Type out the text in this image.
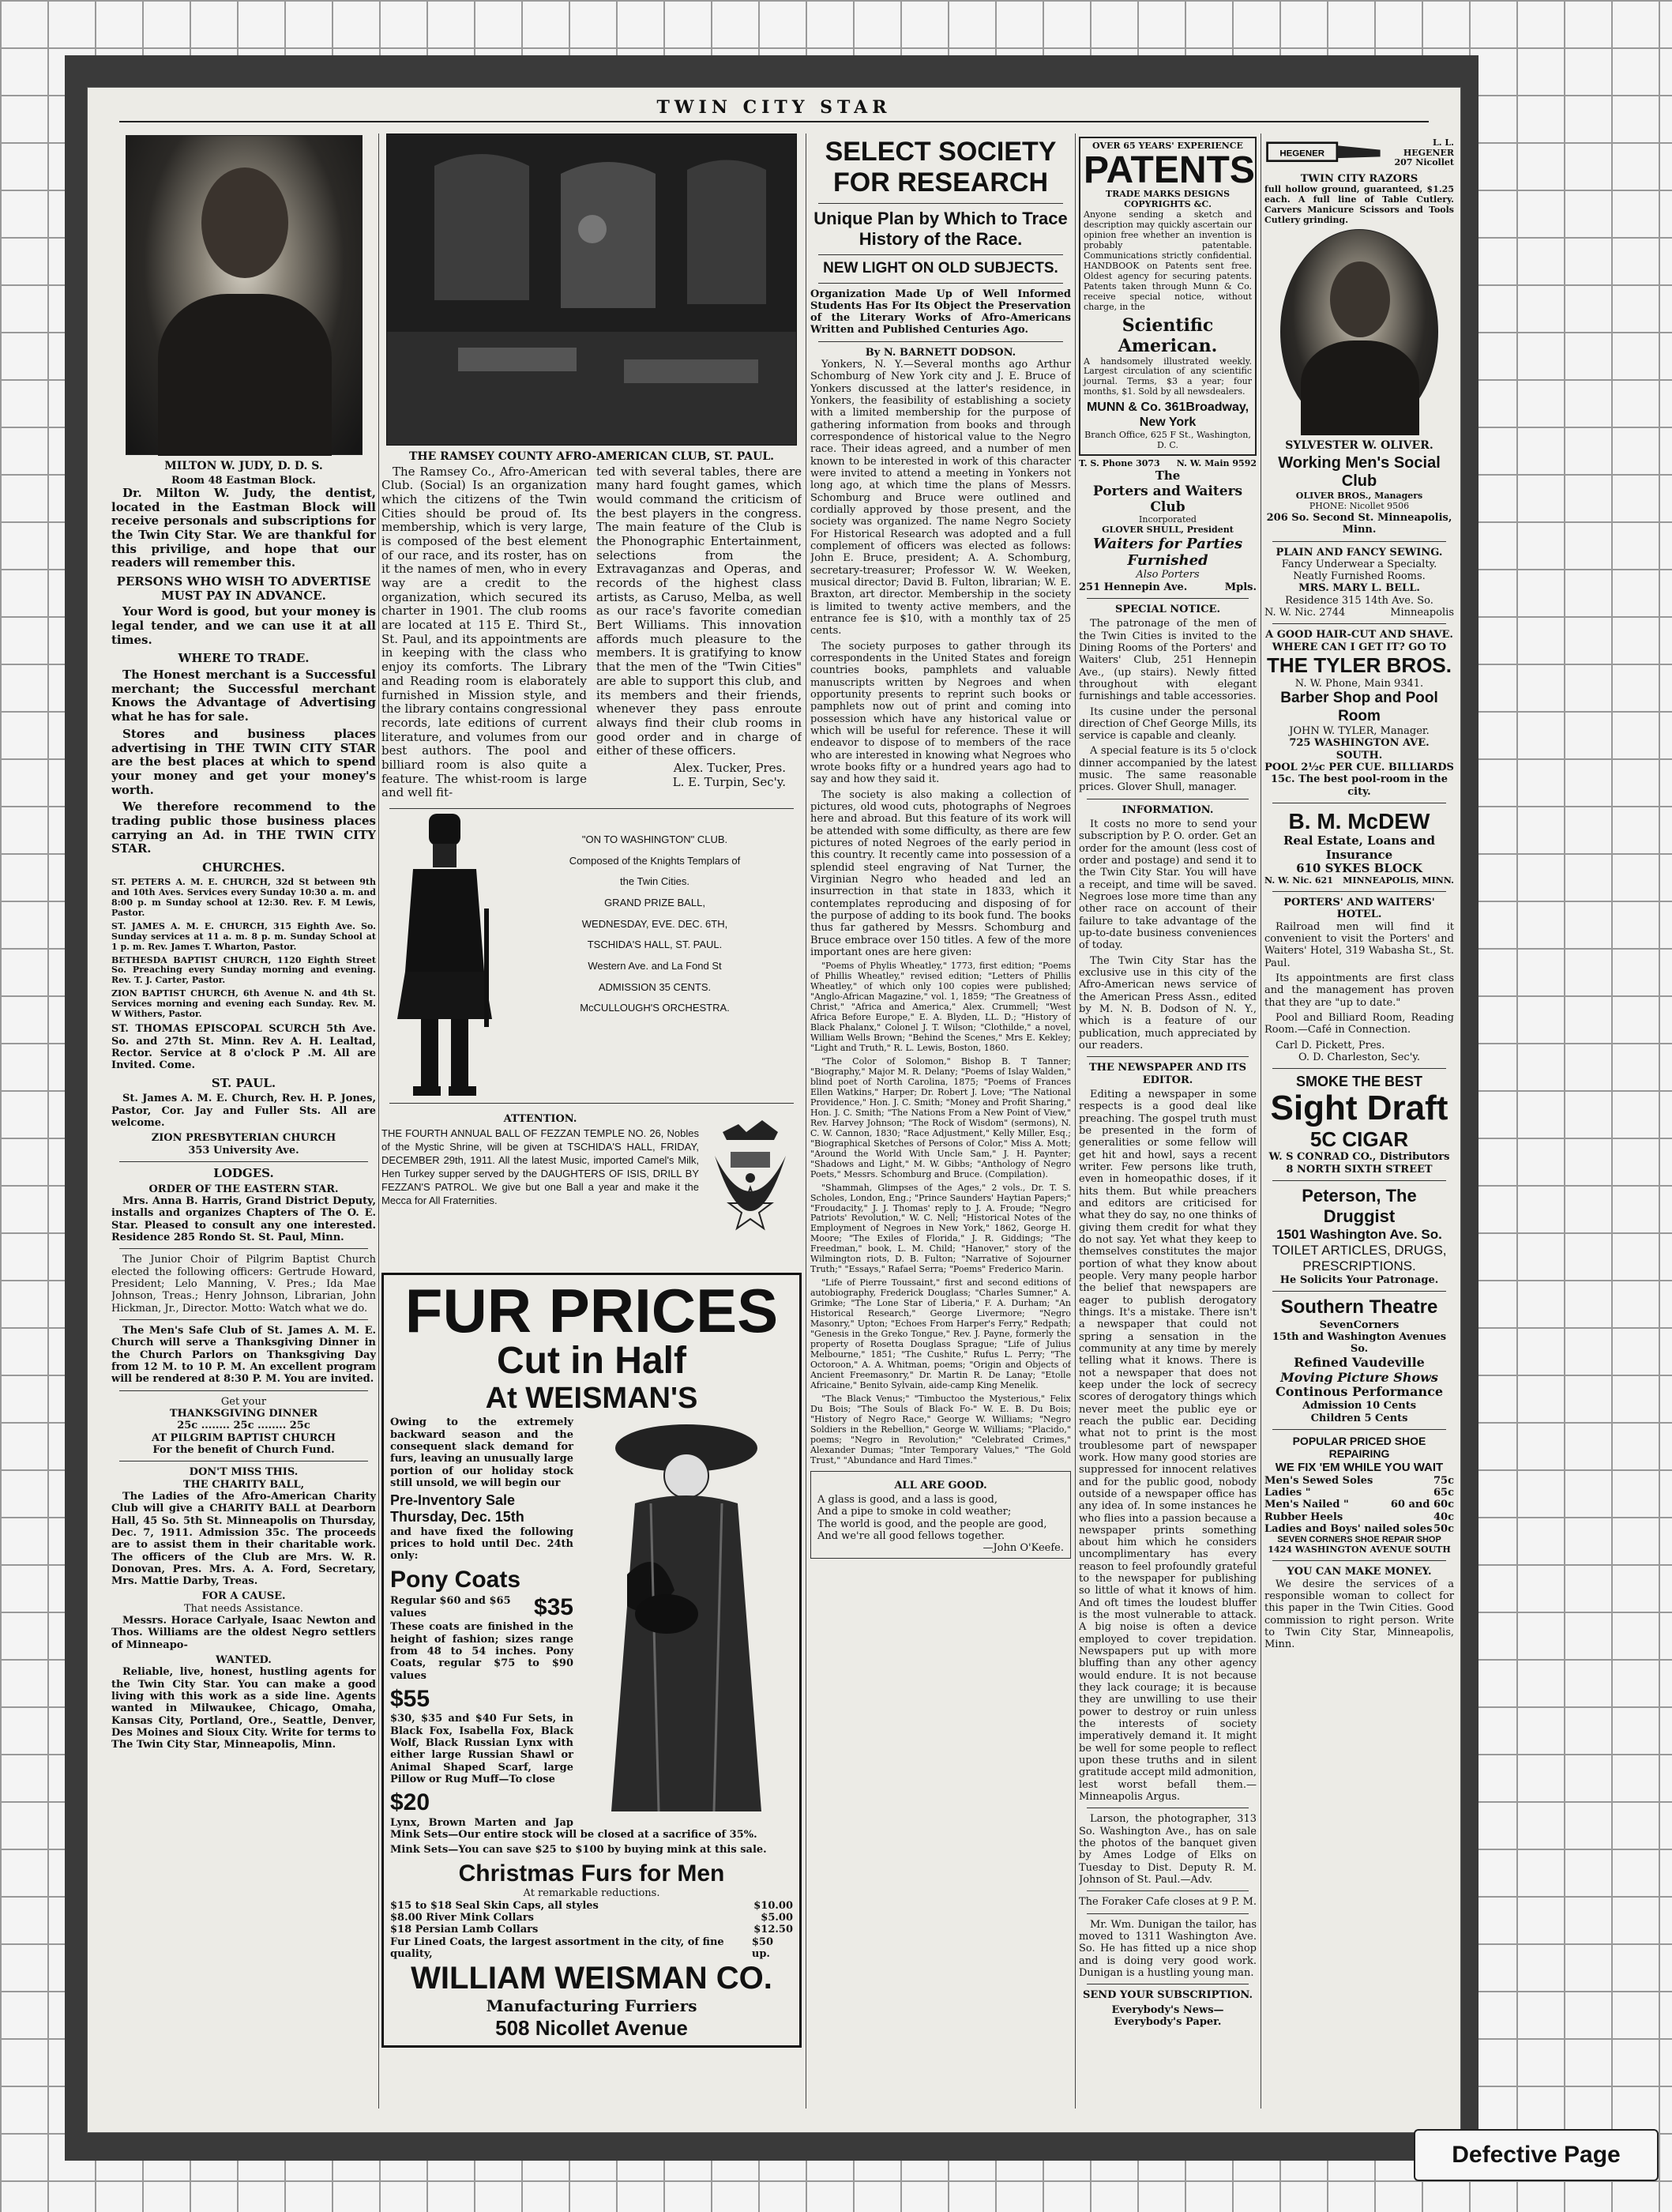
TWIN CITY STAR
MILTON W. JUDY, D. D. S.
Room 48 Eastman Block.

Dr. Milton W. Judy, the dentist, located in the Eastman Block will receive personals and subscriptions for the Twin City Star. We are thankful for this privilige, and hope that our readers will remember this.

PERSONS WHO WISH TO ADVERTISE MUST PAY IN ADVANCE.

Your Word is good, but your money is legal tender, and we can use it at all times.

WHERE TO TRADE.

The Honest merchant is a Successful merchant; the Successful merchant Knows the Advantage of Advertising what he has for sale.

Stores and business places advertising in THE TWIN CITY STAR are the best places at which to spend your money and get your money's worth.

We therefore recommend to the trading public those business places carrying an Ad. in THE TWIN CITY STAR.

CHURCHES.

ST. PETERS A. M. E. CHURCH, 32d St between 9th and 10th Aves. Services every Sunday 10:30 a. m. and 8:00 p. m Sunday school at 12:30. Rev. F. M Lewis, Pastor.

ST. JAMES A. M. E. CHURCH, 315 Eighth Ave. So. Sunday services at 11 a. m. 8 p. m. Sunday School at 1 p. m. Rev. James T. Wharton, Pastor.

BETHESDA BAPTIST CHURCH, 1120 Eighth Street So. Preaching every Sunday morning and evening. Rev. T. J. Carter, Pastor.

ZION BAPTIST CHURCH, 6th Avenue N. and 4th St. Services morning and evening each Sunday. Rev. M. W Withers, Pastor.

ST. THOMAS EPISCOPAL SCURCH 5th Ave. So. and 27th St. Minn. Rev A. H. Lealtad, Rector. Service at 8 o'clock P .M. All are Invited. Come.

ST. PAUL.

St. James A. M. E. Church, Rev. H. P. Jones, Pastor, Cor. Jay and Fuller Sts. All are welcome.

ZION PRESBYTERIAN CHURCH
353 University Ave.
LODGES.
ORDER OF THE EASTERN STAR.

Mrs. Anna B. Harris, Grand District Deputy, installs and organizes Chapters of The O. E. Star. Pleased to consult any one interested. Residence 285 Rondo St. St. Paul, Minn.

The Junior Choir of Pilgrim Baptist Church elected the following officers: Gertrude Howard, President; Lelo Manning, V. Pres.; Ida Mae Johnson, Treas.; Henry Johnson, Librarian, John Hickman, Jr., Director. Motto: Watch what we do.

The Men's Safe Club of St. James A. M. E. Church will serve a Thanksgiving Dinner in the Church Parlors on Thanksgiving Day from 12 M. to 10 P. M. An excellent program will be rendered at 8:30 P. M. You are invited.

Get your
THANKSGIVING DINNER
25c ........ 25c ........ 25c
AT PILGRIM BAPTIST CHURCH
For the benefit of Church Fund.
DON'T MISS THIS.
THE CHARITY BALL,

The Ladies of the Afro-American Charity Club will give a CHARITY BALL at Dearborn Hall, 45 So. 5th St. Minneapolis on Thursday, Dec. 7, 1911. Admission 35c. The proceeds are to assist them in their charitable work. The officers of the Club are Mrs. W. R. Donovan, Pres. Mrs. A. A. Ford, Secretary, Mrs. Mattie Darby, Treas.

FOR A CAUSE.
That needs Assistance.

Messrs. Horace Carlyale, Isaac Newton and Thos. Williams are the oldest Negro settlers of Minneapo-

WANTED.

Reliable, live, honest, hustling agents for the Twin City Star. You can make a good living with this work as a side line. Agents wanted in Milwaukee, Chicago, Omaha, Kansas City, Portland, Ore., Seattle, Denver, Des Moines and Sioux City. Write for terms to The Twin City Star, Minneapolis, Minn.

THE RAMSEY COUNTY AFRO-AMERICAN CLUB, ST. PAUL.

The Ramsey Co., Afro-American Club. (Social) Is an organization which the citizens of the Twin Cities should be proud of. Its membership, which is very large, is composed of the best element of our race, and its roster, has on it the names of men, who in every way are a credit to the organization, which secured its charter in 1901. The club rooms are located at 115 E. Third St., St. Paul, and its appointments are in keeping with the class who enjoy its comforts. The Library and Reading room is elaborately furnished in Mission style, and the library contains congressional records, late editions of current literature, and volumes from our best authors. The pool and billiard room is also quite a feature. The whist-room is large and well fit-

ted with several tables, there are many hard fought games, which would command the criticism of the best players in the congress. The main feature of the Club is the Phonographic Entertainment, selections from the Extravaganzas and Operas, and records of the highest class artists, as Caruso, Melba, as well as our race's favorite comedian Bert Williams. This innovation affords much pleasure to the members. It is gratifying to know that the men of the "Twin Cities" are able to support this club, and its members and their friends, whenever they pass enroute always find their club rooms in good order and in charge of either of these officers.

Alex. Tucker, Pres.
L. E. Turpin, Sec'y.
"ON TO WASHINGTON" CLUB.
Composed of the Knights Templars of
the Twin Cities.
GRAND PRIZE BALL,
WEDNESDAY, EVE. DEC. 6TH,
TSCHIDA'S HALL, ST. PAUL.
Western Ave. and La Fond St
ADMISSION 35 CENTS.
McCULLOUGH'S ORCHESTRA.
ATTENTION.

THE FOURTH ANNUAL BALL OF FEZZAN TEMPLE NO. 26, Nobles of the Mystic Shrine, will be given at TSCHIDA'S HALL, FRIDAY, DECEMBER 29th, 1911. All the latest Music, imported Camel's Milk, Hen Turkey supper served by the DAUGHTERS OF ISIS, DRILL BY FEZZAN'S PATROL. We give but one Ball a year and make it the Mecca for All Fraternities.

FUR PRICES
Cut in Half
At WEISMAN'S

Owing to the extremely backward season and the consequent slack demand for furs, leaving an unusually large portion of our holiday stock still unsold, we will begin our

Pre-Inventory Sale Thursday, Dec. 15th

and have fixed the following prices to hold until Dec. 24th only:

Pony Coats
Regular $60 and $65 values	$35

These coats are finished in the height of fashion; sizes range from 48 to 54 inches. Pony Coats, regular $75 to $90 values

$55

$30, $35 and $40 Fur Sets, in Black Fox, Isabella Fox, Black Wolf, Black Russian Lynx with either large Russian Shawl or Animal Shaped Scarf, large Pillow or Rug Muff—To close

$20

Lynx, Brown Marten and Jap Mink Sets—Our entire stock will be closed at a sacrifice of 35%.

Mink Sets—You can save $25 to $100 by buying mink at this sale.

Christmas Furs for Men
At remarkable reductions.
$15 to $18 Seal Skin Caps, all styles	$10.00
$8.00 River Mink Collars	$5.00
$18 Persian Lamb Collars	$12.50
Fur Lined Coats, the largest assortment in the city, of fine quality,
$50 up.
WILLIAM WEISMAN CO.
Manufacturing Furriers
508 Nicollet Avenue
SELECT SOCIETY FOR RESEARCH
Unique Plan by Which to Trace History of the Race.
NEW LIGHT ON OLD SUBJECTS.

Organization Made Up of Well Informed Students Has For Its Object the Preservation of the Literary Works of Afro-Americans Written and Published Centuries Ago.

By N. BARNETT DODSON.

Yonkers, N. Y.—Several months ago Arthur Schomburg of New York city and J. E. Bruce of Yonkers discussed at the latter's residence, in Yonkers, the feasibility of establishing a society with a limited membership for the purpose of gathering information from books and through correspondence of historical value to the Negro race. Their ideas agreed, and a number of men known to be interested in work of this character were invited to attend a meeting in Yonkers not long ago, at which time the plans of Messrs. Schomburg and Bruce were outlined and cordially approved by those present, and the society was organized. The name Negro Society For Historical Research was adopted and a full complement of officers was elected as follows: John E. Bruce, president; A. A. Schomburg, secretary-treasurer; Professor W. W. Weeken, musical director; David B. Fulton, librarian; W. E. Braxton, art director. Membership in the society is limited to twenty active members, and the entrance fee is $10, with a monthly tax of 25 cents.

The society purposes to gather through its correspondents in the United States and foreign countries books, pamphlets and valuable manuscripts written by Negroes and when opportunity presents to reprint such books or pamphlets now out of print and coming into possession which have any historical value or which will be useful for reference. These it will endeavor to dispose of to members of the race who are interested in knowing what Negroes who wrote books fifty or a hundred years ago had to say and how they said it.

The society is also making a collection of pictures, old wood cuts, photographs of Negroes here and abroad. But this feature of its work will be attended with some difficulty, as there are few pictures of noted Negroes of the early period in this country. It recently came into possession of a splendid steel engraving of Nat Turner, the Virginian Negro who headed and led an insurrection in that state in 1833, which it contemplates reproducing and disposing of for the purpose of adding to its book fund. The books thus far gathered by Messrs. Schomburg and Bruce embrace over 150 titles. A few of the more important ones are here given:

"Poems of Phylis Wheatley," 1773, first edition; "Poems of Phillis Wheatley," revised edition; "Letters of Phillis Wheatley," of which only 100 copies were published; "Anglo-African Magazine," vol. 1, 1859; "The Greatness of Christ," "Africa and America," Alex. Crummell; "West Africa Before Europe," E. A. Blyden, LL. D.; "History of Black Phalanx," Colonel J. T. Wilson; "Clothilde," a novel, William Wells Brown; "Behind the Scenes," Mrs E. Kekley; "Light and Truth," R. L. Lewis, Boston, 1860.

"The Color of Solomon," Bishop B. T Tanner; "Biography," Major M. R. Delany; "Poems of Islay Walden," blind poet of North Carolina, 1875; "Poems of Frances Ellen Watkins," Harper; Dr. Robert J. Love; "The National Providence," Hon. J. C. Smith; "Money and Profit Sharing," Hon. J. C. Smith; "The Nations From a New Point of View," Rev. Harvey Johnson; "The Rock of Wisdom" (sermons), N. C. W. Cannon, 1830; "Race Adjustment," Kelly Miller, Esq.; "Biographical Sketches of Persons of Color," Miss A. Mott; "Around the World With Uncle Sam," J. H. Paynter; "Shadows and Light," M. W. Gibbs; "Anthology of Negro Poets," Messrs. Schomburg and Bruce. (Compilation).

"Shammah, Glimpses of the Ages," 2 vols., Dr. T. S. Scholes, London, Eng.; "Prince Saunders' Haytian Papers;" "Froudacity," J. J. Thomas' reply to J. A. Froude; "Negro Patriots' Revolution," W. C. Nell; "Historical Notes of the Employment of Negroes in New York," 1862, George H. Moore; "The Exiles of Florida," J. R. Giddings; "The Freedman," book, L. M. Child; "Hanover," story of the Wilmington riots, D. B. Fulton; "Narrative of Sojourner Truth;" "Essays," Rafael Serra; "Poems" Frederico Marin.

"Life of Pierre Toussaint," first and second editions of autobiography, Frederick Douglass; "Charles Sumner," A. Grimke; "The Lone Star of Liberia," F. A. Durham; "An Historical Research," George Livermore; "Negro Masonry," Upton; "Echoes From Harper's Ferry," Redpath; "Genesis in the Greko Tongue," Rev. J. Payne, formerly the property of Rosetta Douglass Sprague; "Life of Julius Melbourne," 1851; "The Cushite," Rufus L. Perry; "The Octoroon," A. A. Whitman, poems; "Origin and Objects of Ancient Freemasonry," Dr. Martin R. De Lanay; "Etolle Africaine," Benito Sylvain, aide-camp King Menelik.

"The Black Venus;" "Timbuctoo the Mysterious," Felix Du Bois; "The Souls of Black Fo-" W. E. B. Du Bois; "History of Negro Race," George W. Williams; "Negro Soldiers in the Rebellion," George W. Williams; "Placido," poems; "Negro in Revolution;" "Celebrated Crimes," Alexander Dumas; "Inter Temporary Values," "The Gold Trust," "Abundance and Hard Times."

ALL ARE GOOD.
A glass is good, and a lass is good,
And a pipe to smoke in cold weather;
The world is good, and the people are good,
And we're all good fellows together.
—John O'Keefe.
OVER 65 YEARS' EXPERIENCE
PATENTS
TRADE MARKS DESIGNS COPYRIGHTS &C.

Anyone sending a sketch and description may quickly ascertain our opinion free whether an invention is probably patentable. Communications strictly confidential. HANDBOOK on Patents sent free. Oldest agency for securing patents. Patents taken through Munn & Co. receive special notice, without charge, in the

Scientific American.

A handsomely illustrated weekly. Largest circulation of any scientific journal. Terms, $3 a year; four months, $1. Sold by all newsdealers.

MUNN & Co. 361Broadway, New York
Branch Office, 625 F St., Washington, D. C.
T. S. Phone 3073 N. W. Main 9592
The
Porters and Waiters Club
Incorporated
GLOVER SHULL, President
Waiters for Parties Furnished
Also Porters
251 Hennepin Ave.	Mpls.
SPECIAL NOTICE.

The patronage of the men of the Twin Cities is invited to the Dining Rooms of the Porters' and Waiters' Club, 251 Hennepin Ave., (up stairs). Newly fitted throughout with elegant furnishings and table accessories.

Its cusine under the personal direction of Chef George Mills, its service is capable and cleanly.

A special feature is its 5 o'clock dinner accompanied by the latest music. The same reasonable prices. Glover Shull, manager.

INFORMATION.

It costs no more to send your subscription by P. O. order. Get an order for the amount (less cost of order and postage) and send it to the Twin City Star. You will have a receipt, and time will be saved. Negroes lose more time than any other race on account of their failure to take advantage of the up-to-date business conveniences of today.

The Twin City Star has the exclusive use in this city of the Afro-American news service of the American Press Assn., edited by M. N. B. Dodson of N. Y., which is a feature of our publication, much appreciated by our readers.

THE NEWSPAPER AND ITS EDITOR.

Editing a newspaper in some respects is a good deal like preaching. The gospel truth must be presented in the form of generalities or some fellow will get hit and howl, says a recent writer. Few persons like truth, even in homeopathic doses, if it hits them. But while preachers and editors are criticised for what they do say, no one thinks of giving them credit for what they do not say. Yet what they keep to themselves constitutes the major portion of what they know about people. Very many people harbor the belief that newspapers are eager to publish derogatory things. It's a mistake. There isn't a newspaper that could not spring a sensation in the community at any time by merely telling what it knows. There is not a newspaper that does not keep under the lock of secrecy scores of derogatory things which never meet the public eye or reach the public ear. Deciding what not to print is the most troublesome part of newspaper work. How many good stories are suppressed for innocent relatives and for the public good, nobody outside of a newspaper office has any idea of. In some instances he who flies into a passion because a newspaper prints something about him which he considers uncomplimentary has every reason to feel profoundly grateful to the newspaper for publishing so little of what it knows of him. And oft times the loudest bluffer is the most vulnerable to attack. A big noise is often a device employed to cover trepidation. Newspapers put up with more bluffing than any other agency would endure. It is not because they lack courage; it is because they are unwilling to use their power to destroy or ruin unless the interests of society imperatively demand it. It might be well for some people to reflect upon these truths and in silent gratitude accept mild admonition, lest worst befall them.—Minneapolis Argus.

Larson, the photographer, 313 So. Washington Ave., has on sale the photos of the banquet given by Ames Lodge of Elks on Tuesday to Dist. Deputy R. M. Johnson of St. Paul.—Adv.

The Foraker Cafe closes at 9 P. M.

Mr. Wm. Dunigan the tailor, has moved to 1311 Washington Ave. So. He has fitted up a nice shop and is doing very good work. Dunigan is a hustling young man.

SEND YOUR SUBSCRIPTION.
Everybody's News—Everybody's Paper.
HEGENER
L. L. HEGENER
207 Nicollet
TWIN CITY RAZORS

full hollow ground, guaranteed, $1.25 each. A full line of Table Cutlery. Carvers Manicure Scissors and Tools Cutlery grinding.

SYLVESTER W. OLIVER.
Working Men's Social Club
OLIVER BROS., Managers
PHONE: Nicollet 9506
206 So. Second St. Minneapolis, Minn.
PLAIN AND FANCY SEWING.
Fancy Underwear a Specialty.
Neatly Furnished Rooms.
MRS. MARY L. BELL.
Residence 315 14th Ave. So.
N. W. Nic. 2744	Minneapolis
A GOOD HAIR-CUT AND SHAVE. WHERE CAN I GET IT? GO TO
THE TYLER BROS.
N. W. Phone, Main 9341.
Barber Shop and Pool Room
JOHN W. TYLER, Manager.
725 WASHINGTON AVE. SOUTH.
POOL 2½c PER CUE. BILLIARDS 15c. The best pool-room in the city.
B. M. McDEW
Real Estate, Loans and Insurance
610 SYKES BLOCK
N. W. Nic. 621 MINNEAPOLIS, MINN.
PORTERS' AND WAITERS' HOTEL.

Railroad men will find it convenient to visit the Porters' and Waiters' Hotel, 319 Wabasha St., St. Paul.

Its appointments are first class and the management has proven that they are "up to date."

Pool and Billiard Room, Reading Room.—Café in Connection.

Carl D. Pickett, Pres.
O. D. Charleston, Sec'y.
SMOKE THE BEST
Sight Draft
5C CIGAR
W. S CONRAD CO., Distributors
8 NORTH SIXTH STREET
Peterson, The Druggist
1501 Washington Ave. So.
TOILET ARTICLES, DRUGS, PRESCRIPTIONS.
He Solicits Your Patronage.
Southern Theatre
SevenCorners
15th and Washington Avenues So.
Refined Vaudeville
Moving Picture Shows
Continous Performance
Admission 10 Cents
Children 5 Cents
POPULAR PRICED SHOE REPAIRING
WE FIX 'EM WHILE YOU WAIT
Men's Sewed Soles	75c
Ladies "	65c
Men's Nailed "	60 and 60c
Rubber Heels	40c
Ladies and Boys' nailed soles 50c
SEVEN CORNERS SHOE REPAIR SHOP
1424 WASHINGTON AVENUE SOUTH
YOU CAN MAKE MONEY.

We desire the services of a responsible woman to collect for this paper in the Twin Cities. Good commission to right person. Write to Twin City Star, Minneapolis, Minn.

Defective Page
